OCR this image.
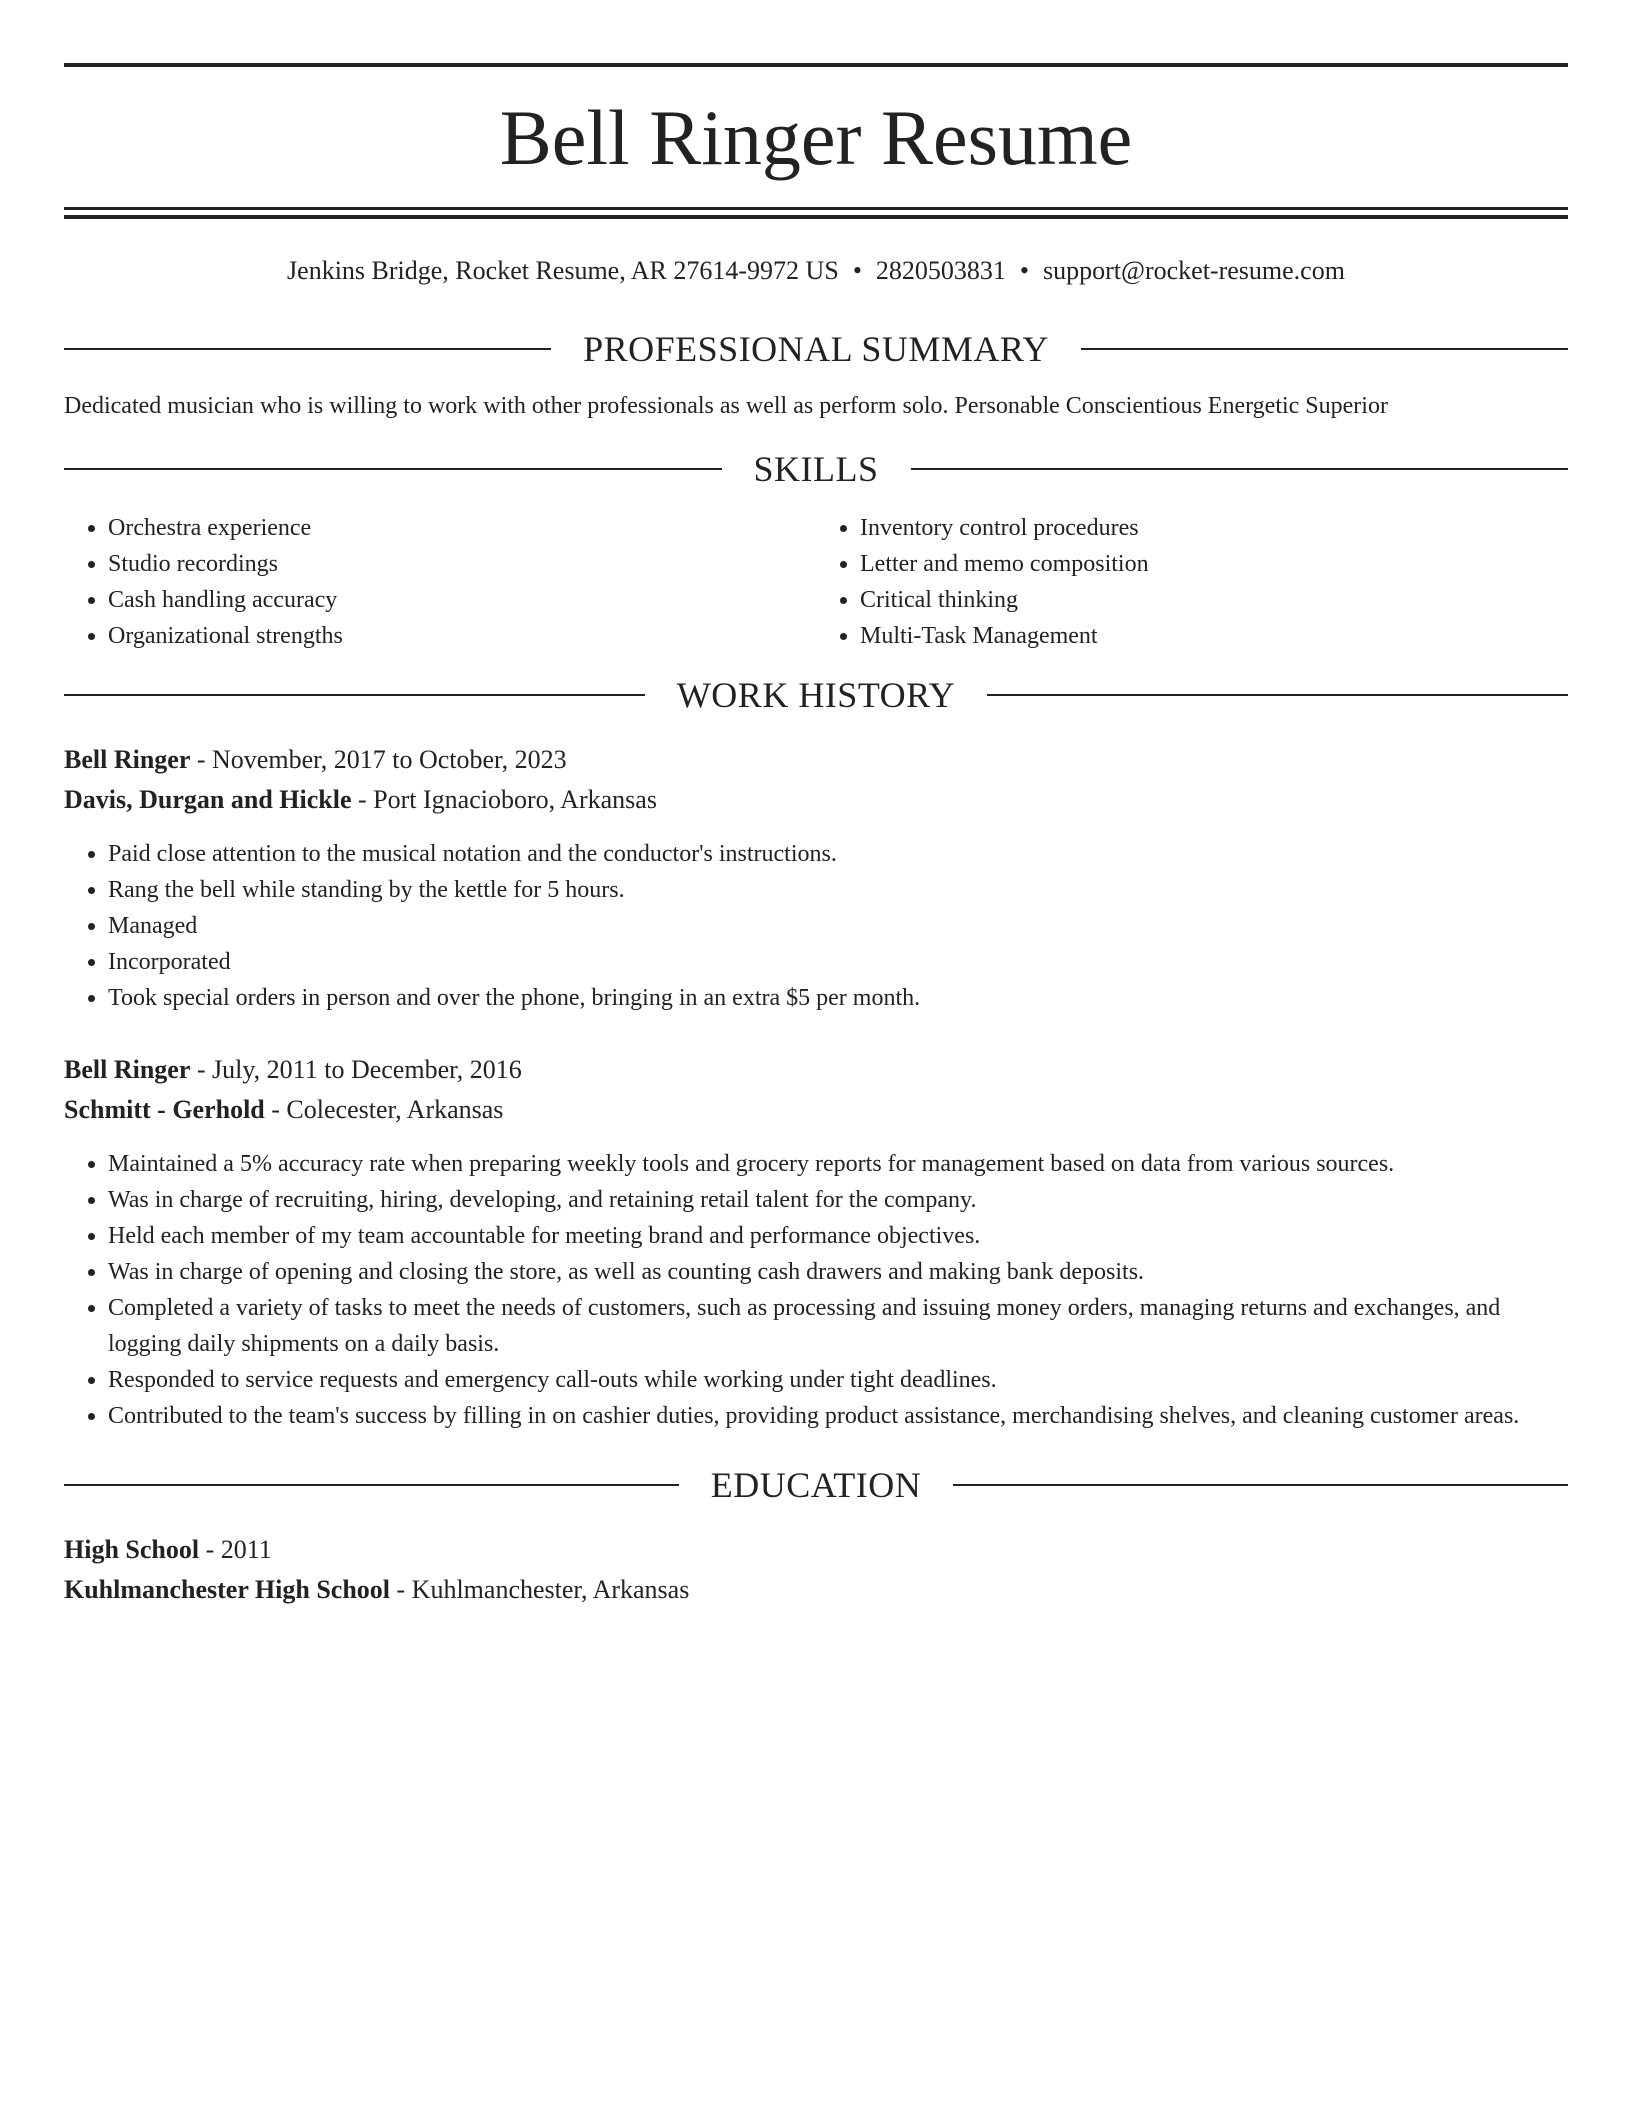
Bell Ringer Resume
Jenkins Bridge, Rocket Resume, AR 27614-9972 US • 2820503831 • support@rocket-resume.com
PROFESSIONAL SUMMARY
Dedicated musician who is willing to work with other professionals as well as perform solo. Personable Conscientious Energetic Superior
SKILLS
• Orchestra experience
• Studio recordings
• Cash handling accuracy
• Organizational strengths
• Inventory control procedures
• Letter and memo composition
• Critical thinking
• Multi-Task Management
WORK HISTORY
Bell Ringer - November, 2017 to October, 2023
Davis, Durgan and Hickle - Port Ignacioboro, Arkansas
• Paid close attention to the musical notation and the conductor's instructions.
• Rang the bell while standing by the kettle for 5 hours.
• Managed
• Incorporated
• Took special orders in person and over the phone, bringing in an extra $5 per month.
Bell Ringer - July, 2011 to December, 2016
Schmitt - Gerhold - Colecester, Arkansas
• Maintained a 5% accuracy rate when preparing weekly tools and grocery reports for management based on data from various sources.
• Was in charge of recruiting, hiring, developing, and retaining retail talent for the company.
• Held each member of my team accountable for meeting brand and performance objectives.
• Was in charge of opening and closing the store, as well as counting cash drawers and making bank deposits.
• Completed a variety of tasks to meet the needs of customers, such as processing and issuing money orders, managing returns and exchanges, and logging daily shipments on a daily basis.
• Responded to service requests and emergency call-outs while working under tight deadlines.
• Contributed to the team's success by filling in on cashier duties, providing product assistance, merchandising shelves, and cleaning customer areas.
EDUCATION
High School - 2011
Kuhlmanchester High School - Kuhlmanchester, Arkansas
